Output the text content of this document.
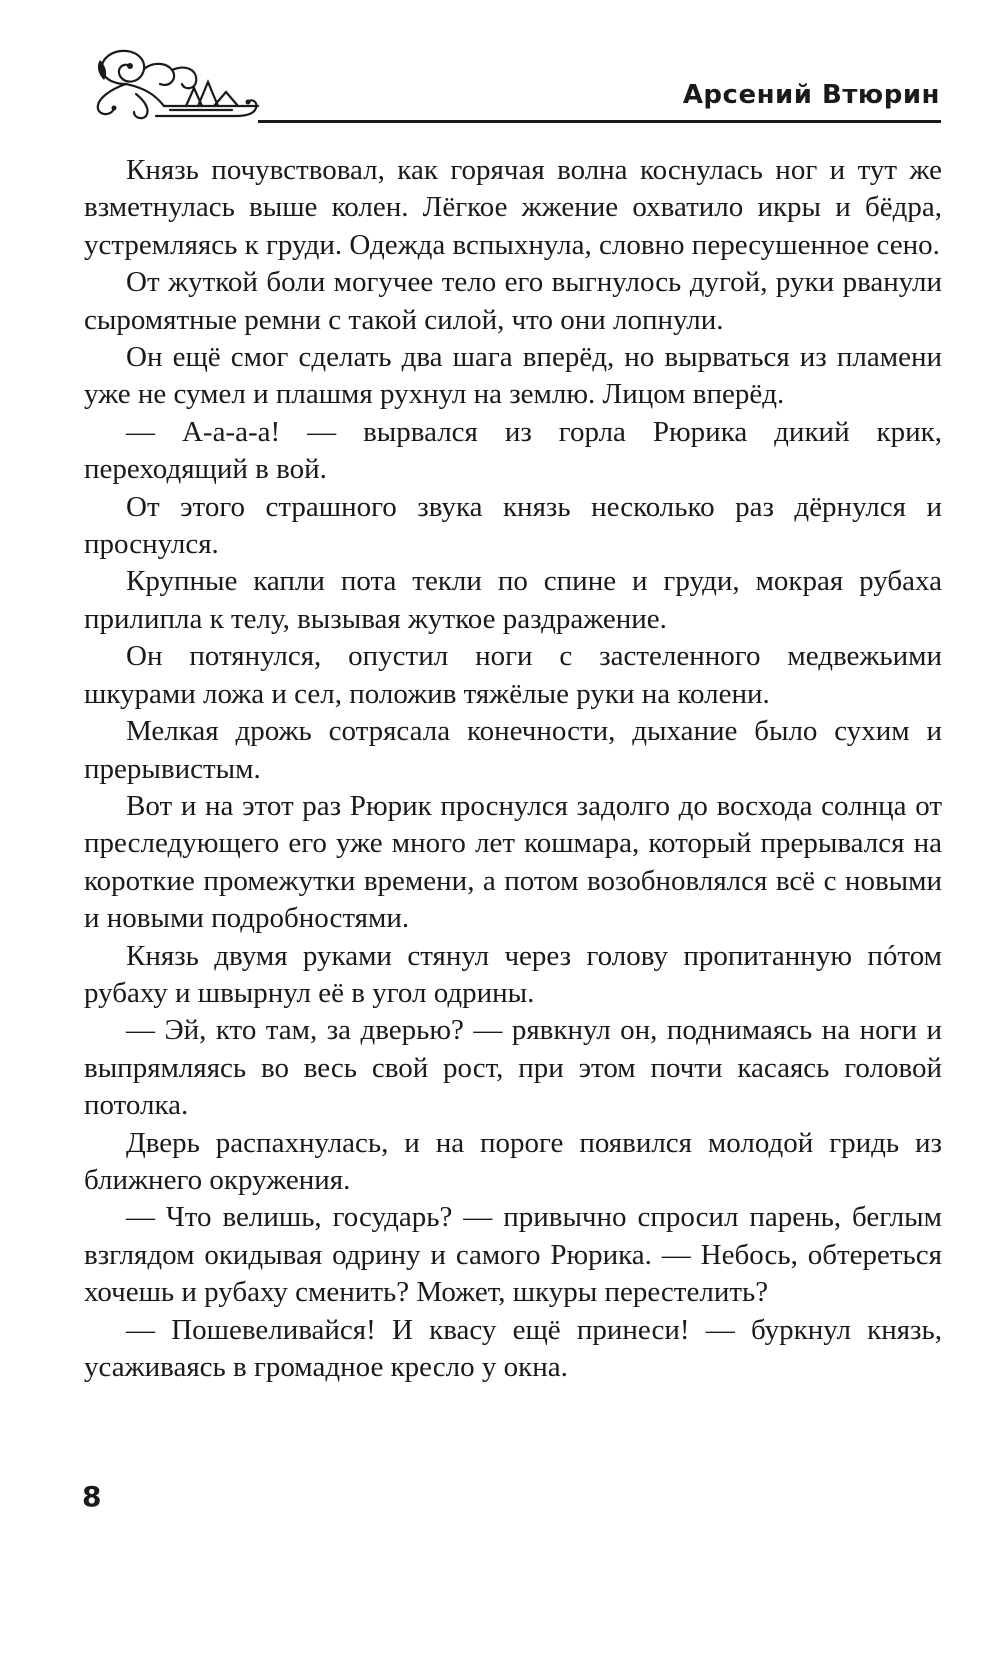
Арсений Втюрин

Князь почувствовал, как горячая волна коснулась ног и тут же взметнулась выше колен. Лёгкое жжение охватило икры и бёдра, устремляясь к груди. Одежда вспыхнула, словно пересушенное сено.

От жуткой боли могучее тело его выгнулось дугой, руки рванули сыромятные ремни с такой силой, что они лопнули.

Он ещё смог сделать два шага вперёд, но вырваться из пламени уже не сумел и плашмя рухнул на землю. Лицом вперёд.

— А-а-а-а! — вырвался из горла Рюрика дикий крик, переходящий в вой.

От этого страшного звука князь несколько раз дёрнулся и проснулся.

Крупные капли пота текли по спине и груди, мокрая рубаха прилипла к телу, вызывая жуткое раздражение.

Он потянулся, опустил ноги с застеленного медвежьими шкурами ложа и сел, положив тяжёлые руки на колени.

Мелкая дрожь сотрясала конечности, дыхание было сухим и прерывистым.

Вот и на этот раз Рюрик проснулся задолго до восхода солнца от преследующего его уже много лет кошмара, который прерывался на короткие промежутки времени, а потом возобновлялся всё с новыми и новыми подробностями.

Князь двумя руками стянул через голову пропитанную пóтом рубаху и швырнул её в угол одрины.

— Эй, кто там, за дверью? — рявкнул он, поднимаясь на ноги и выпрямляясь во весь свой рост, при этом почти касаясь головой потолка.

Дверь распахнулась, и на пороге появился молодой гридь из ближнего окружения.

— Что велишь, государь? — привычно спросил парень, беглым взглядом окидывая одрину и самого Рюрика. — Небось, обтереться хочешь и рубаху сменить? Может, шкуры перестелить?

— Пошевеливайся! И квасу ещё принеси! — буркнул князь, усаживаясь в громадное кресло у окна.

8
